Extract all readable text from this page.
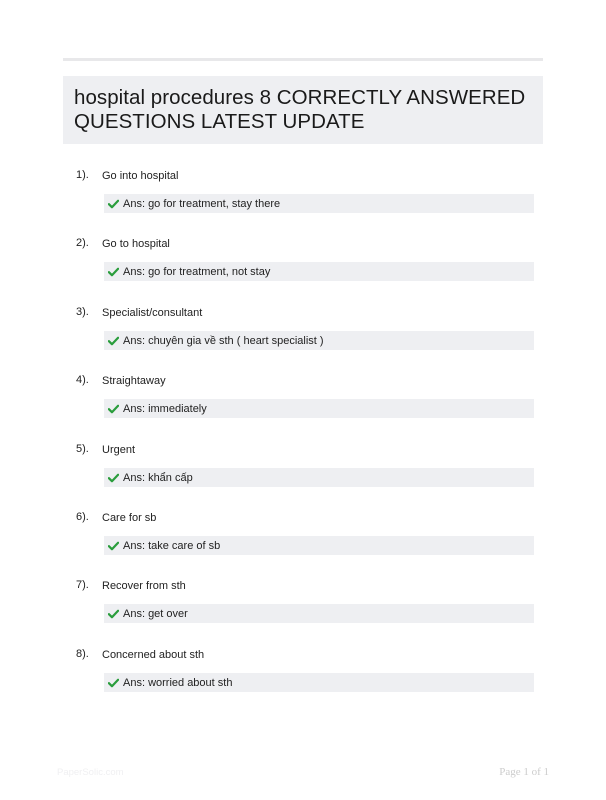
hospital procedures 8 CORRECTLY ANSWERED QUESTIONS LATEST UPDATE
1). Go into hospital
Ans: go for treatment, stay there
2). Go to hospital
Ans: go for treatment, not stay
3). Specialist/consultant
Ans: chuyên gia về sth ( heart specialist )
4). Straightaway
Ans: immediately
5). Urgent
Ans: khẩn cấp
6). Care for sb
Ans: take care of sb
7). Recover from sth
Ans: get over
8). Concerned about sth
Ans: worried about sth
PaperSolic.com	Page 1 of 1
